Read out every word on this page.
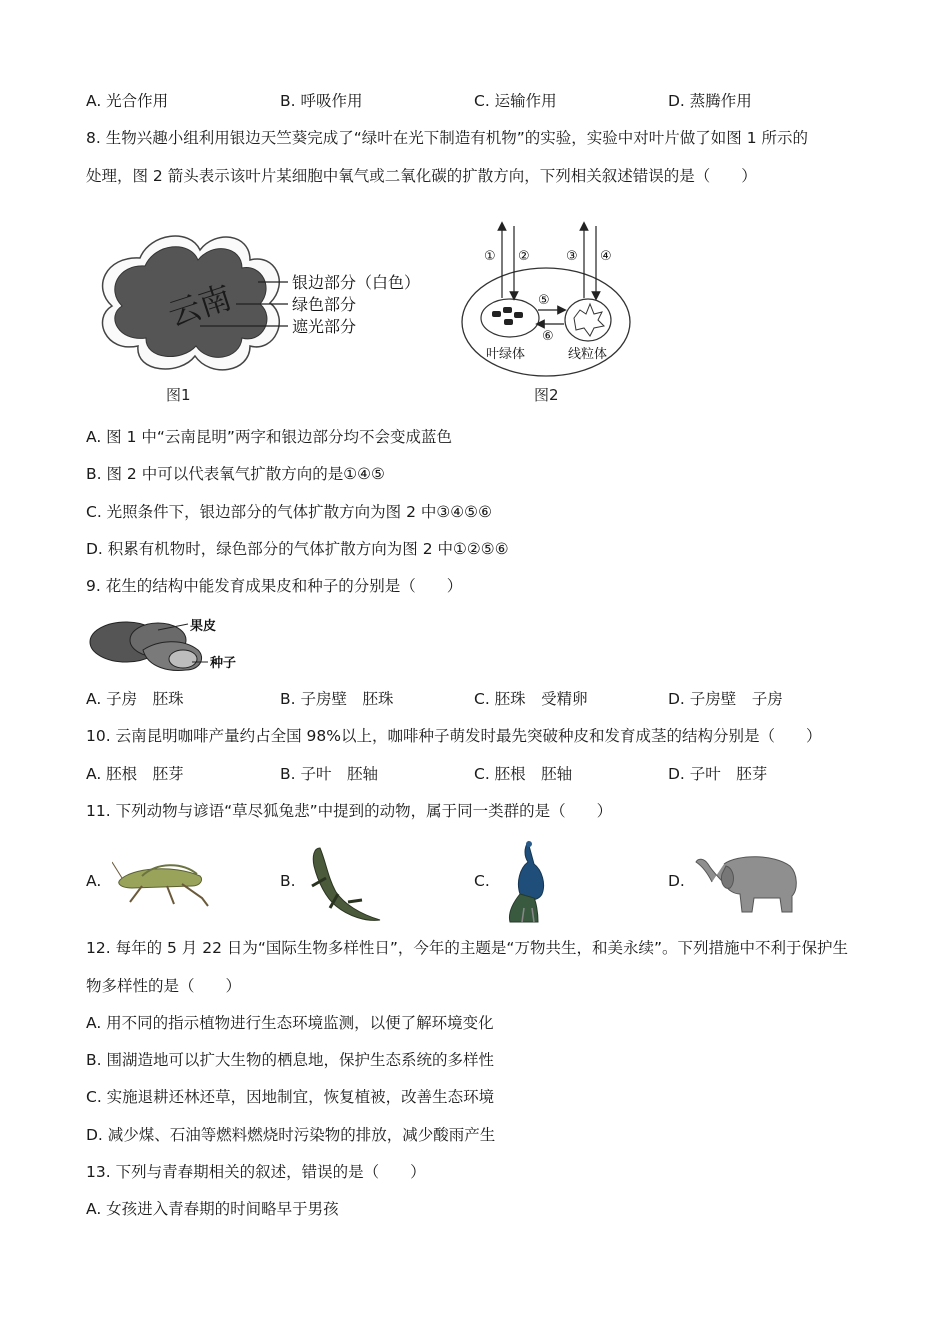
A. 光合作用	B. 呼吸作用	C. 运输作用	D. 蒸腾作用
8. 生物兴趣小组利用银边天竺葵完成了“绿叶在光下制造有机物”的实验，实验中对叶片做了如图 1 所示的
处理，图 2 箭头表示该叶片某细胞中氧气或二氧化碳的扩散方向，下列相关叙述错误的是（　　）
云南	银边部分（白色）
绿色部分
遮光部分
图1
① ②	③ ④
⑤
⑥
叶绿体	线粒体
图2
A. 图 1 中“云南昆明”两字和银边部分均不会变成蓝色
B. 图 2 中可以代表氧气扩散方向的是①④⑤
C. 光照条件下，银边部分的气体扩散方向为图 2 中③④⑤⑥
D. 积累有机物时，绿色部分的气体扩散方向为图 2 中①②⑤⑥
9. 花生的结构中能发育成果皮和种子的分别是（　　）
果皮
种子
A. 子房　胚珠	B. 子房壁　胚珠	C. 胚珠　受精卵	D. 子房壁　子房
10. 云南昆明咖啡产量约占全国 98%以上，咖啡种子萌发时最先突破种皮和发育成茎的结构分别是（　　）
A. 胚根　胚芽	B. 子叶　胚轴	C. 胚根　胚轴	D. 子叶　胚芽
11. 下列动物与谚语“草尽狐兔悲”中提到的动物，属于同一类群的是（　　）
A.	B.	C.	D.
12. 每年的 5 月 22 日为“国际生物多样性日”，今年的主题是“万物共生，和美永续”。下列措施中不利于保护生
物多样性的是（　　）
A. 用不同的指示植物进行生态环境监测，以便了解环境变化
B. 围湖造地可以扩大生物的栖息地，保护生态系统的多样性
C. 实施退耕还林还草，因地制宜，恢复植被，改善生态环境
D. 减少煤、石油等燃料燃烧时污染物的排放，减少酸雨产生
13. 下列与青春期相关的叙述，错误的是（　　）
A. 女孩进入青春期的时间略早于男孩
